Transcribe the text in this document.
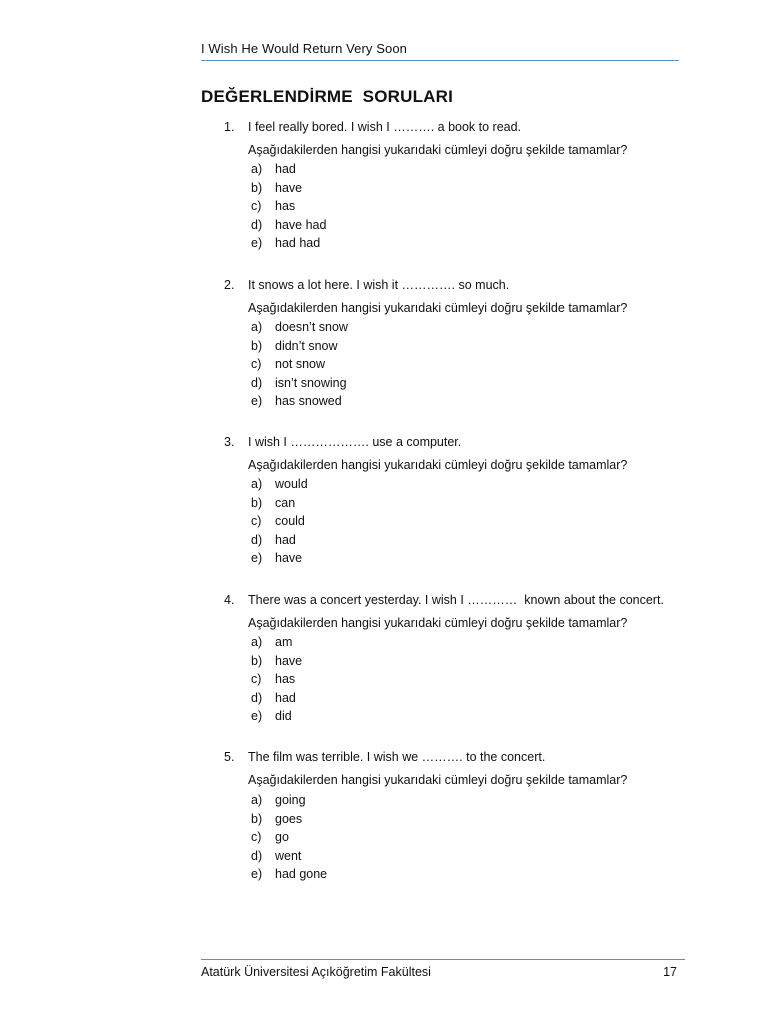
I Wish He Would Return Very Soon
DEĞERLENDİRME  SORULARI
1. I feel really bored. I wish I ………. a book to read.
Aşağıdakilerden hangisi yukarıdaki cümleyi doğru şekilde tamamlar?
a) had
b) have
c) has
d) have had
e) had had
2. It snows a lot here. I wish it …………. so much.
Aşağıdakilerden hangisi yukarıdaki cümleyi doğru şekilde tamamlar?
a) doesn’t snow
b) didn’t snow
c) not snow
d) isn’t snowing
e) has snowed
3. I wish I ………………. use a computer.
Aşağıdakilerden hangisi yukarıdaki cümleyi doğru şekilde tamamlar?
a) would
b) can
c) could
d) had
e) have
4. There was a concert yesterday. I wish I …………  known about the concert.
Aşağıdakilerden hangisi yukarıdaki cümleyi doğru şekilde tamamlar?
a) am
b) have
c) has
d) had
e) did
5. The film was terrible. I wish we ………. to the concert.
Aşağıdakilerden hangisi yukarıdaki cümleyi doğru şekilde tamamlar?
a) going
b) goes
c) go
d) went
e) had gone
Atatürk Üniversitesi Açıköğretim Fakültesi	17
